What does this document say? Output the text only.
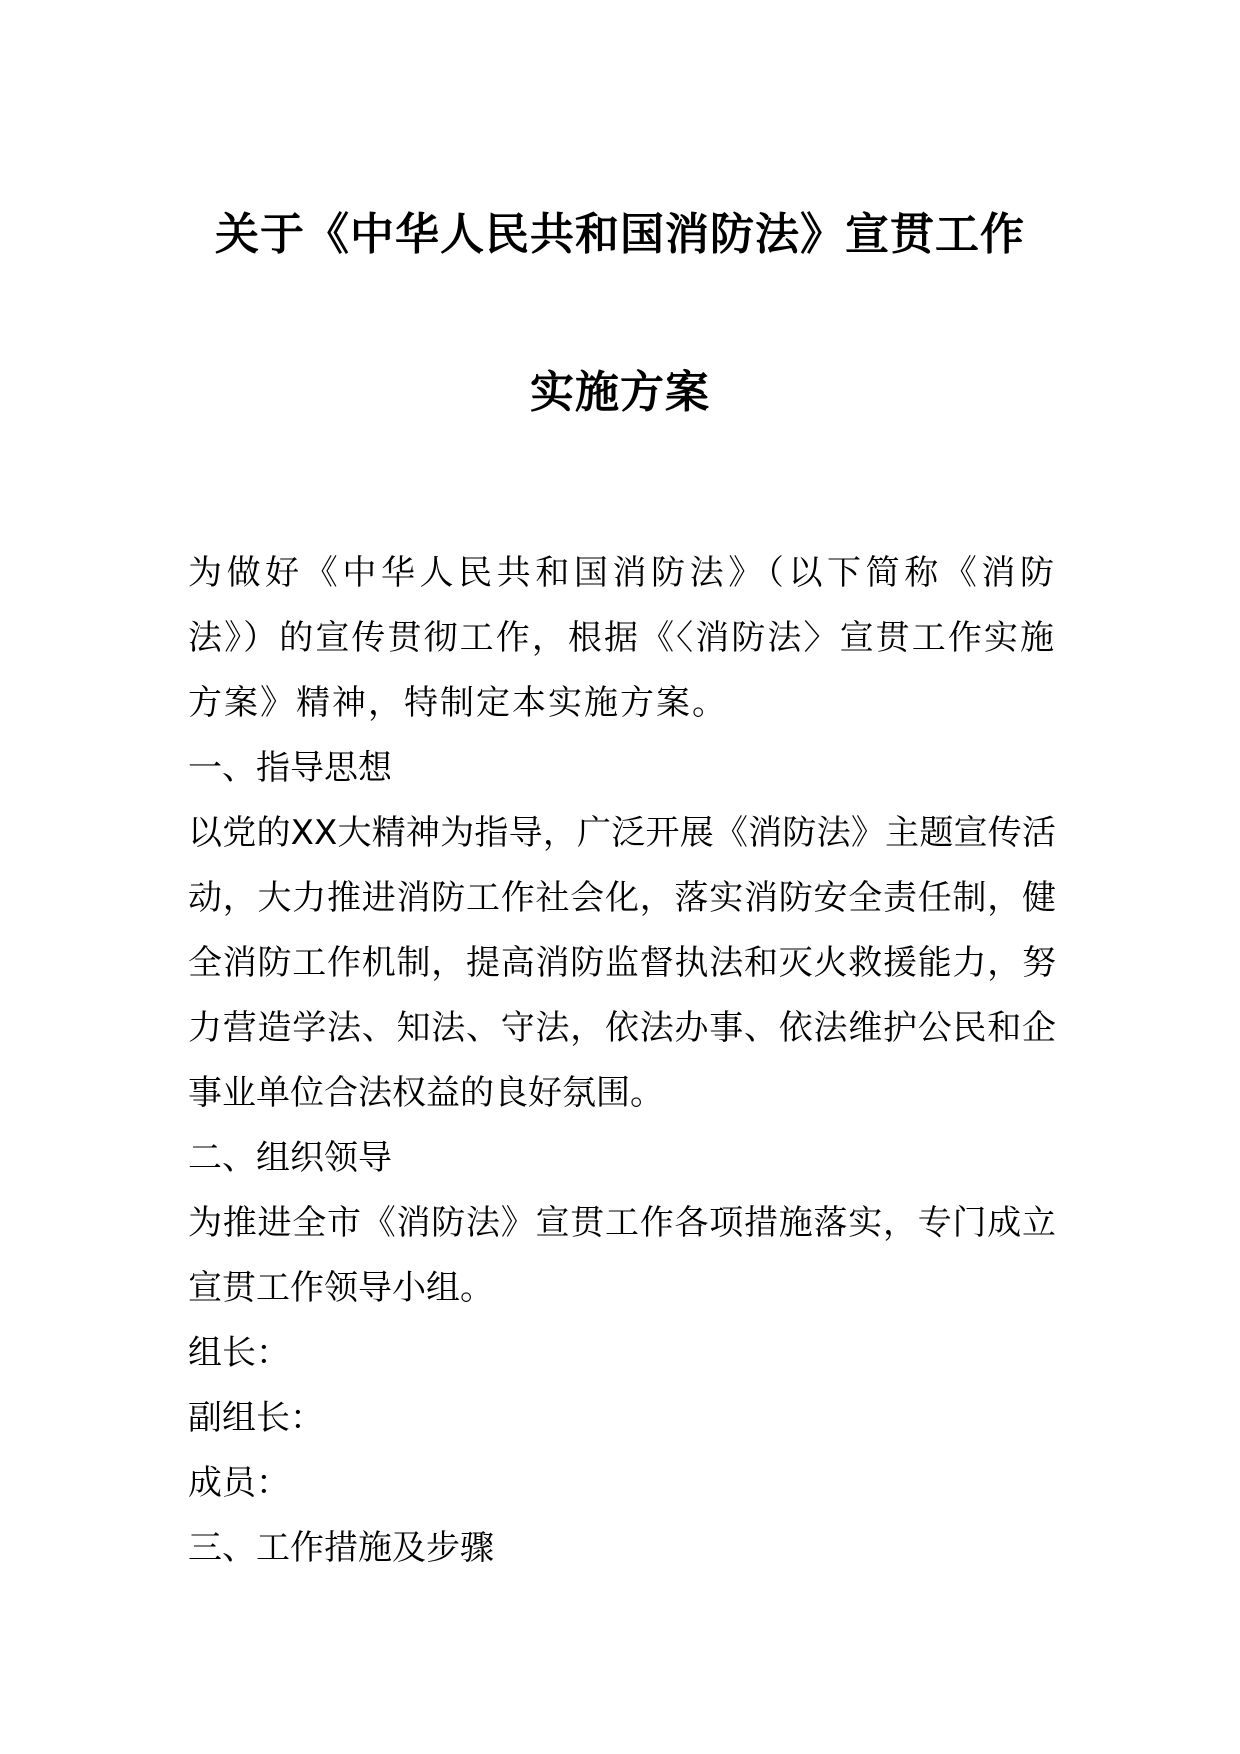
关于《中华人民共和国消防法》宣贯工作
实施方案

为做好《中华人民共和国消防法》（以下简称《消防法》）的宣传贯彻工作，根据《〈消防法〉宣贯工作实施方案》精神，特制定本实施方案。

一、指导思想

以党的XX大精神为指导，广泛开展《消防法》主题宣传活动，大力推进消防工作社会化，落实消防安全责任制，健全消防工作机制，提高消防监督执法和灭火救援能力，努力营造学法、知法、守法，依法办事、依法维护公民和企事业单位合法权益的良好氛围。

二、组织领导

为推进全市《消防法》宣贯工作各项措施落实，专门成立宣贯工作领导小组。

组长：

副组长：

成员：

三、工作措施及步骤
